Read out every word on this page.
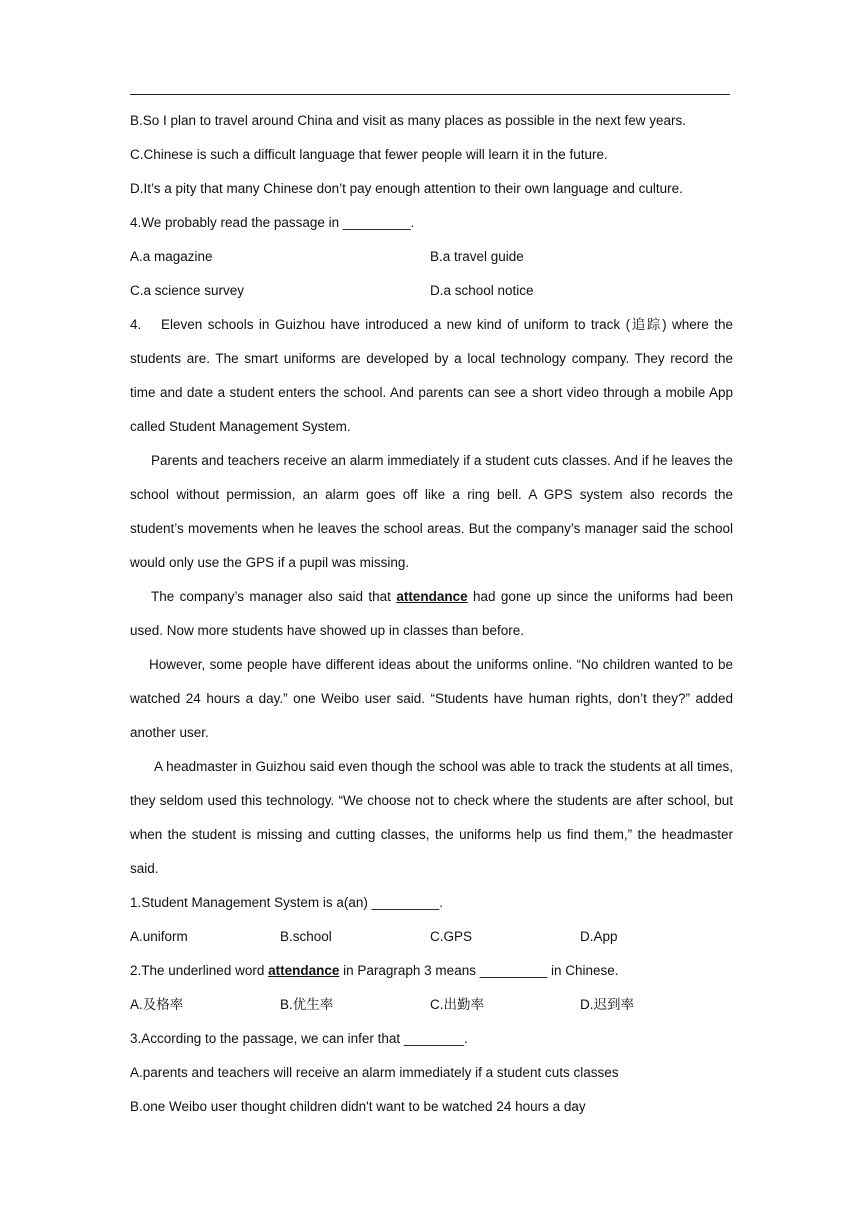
B.So I plan to travel around China and visit as many places as possible in the next few years.

C.Chinese is such a difficult language that fewer people will learn it in the future.

D.It’s a pity that many Chinese don’t pay enough attention to their own language and culture.

4.We probably read the passage in _________.

A.a magazine	B.a travel guide
C.a science survey	D.a school notice

4. Eleven schools in Guizhou have introduced a new kind of uniform to track (追踪) where the students are. The smart uniforms are developed by a local technology company. They record the time and date a student enters the school. And parents can see a short video through a mobile App called Student Management System.

Parents and teachers receive an alarm immediately if a student cuts classes. And if he leaves the school without permission, an alarm goes off like a ring bell. A GPS system also records the student’s movements when he leaves the school areas. But the company’s manager said the school would only use the GPS if a pupil was missing.

The company’s manager also said that attendance had gone up since the uniforms had been used. Now more students have showed up in classes than before.

However, some people have different ideas about the uniforms online. “No children wanted to be watched 24 hours a day.” one Weibo user said. “Students have human rights, don’t they?” added another user.

A headmaster in Guizhou said even though the school was able to track the students at all times, they seldom used this technology. “We choose not to check where the students are after school, but when the student is missing and cutting classes, the uniforms help us find them,” the headmaster said.

1.Student Management System is a(an) _________.

A.uniform	B.school	C.GPS	D.App

2.The underlined word attendance in Paragraph 3 means _________ in Chinese.

A.及格率	B.优生率	C.出勤率	D.迟到率

3.According to the passage, we can infer that ________.

A.parents and teachers will receive an alarm immediately if a student cuts classes

B.one Weibo user thought children didn't want to be watched 24 hours a day
